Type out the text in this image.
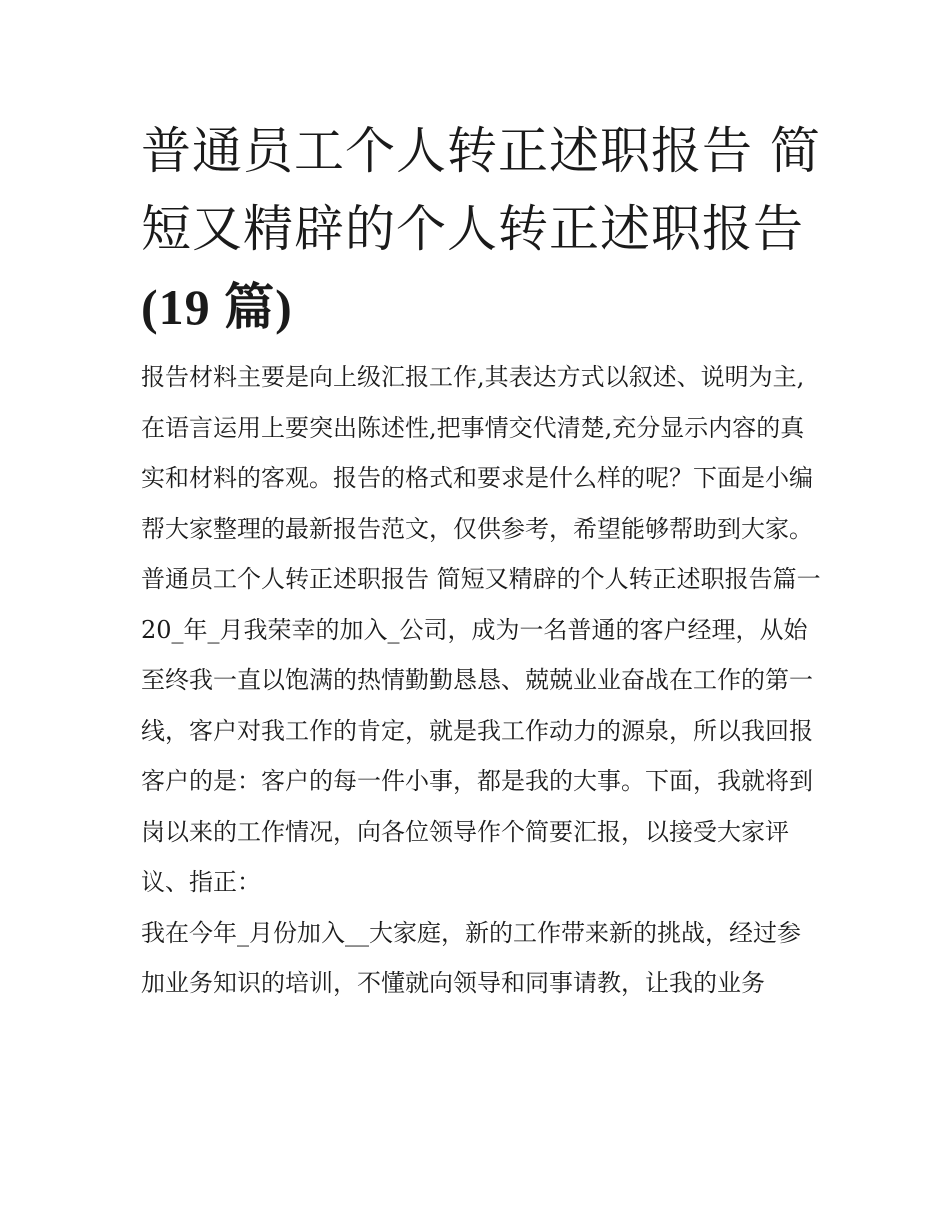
普通员工个人转正述职报告 简
短又精辟的个人转正述职报告
(19 篇)

报告材料主要是向上级汇报工作,其表达方式以叙述、说明为主,在语言运用上要突出陈述性,把事情交代清楚,充分显示内容的真实和材料的客观。报告的格式和要求是什么样的呢？下面是小编帮大家整理的最新报告范文，仅供参考，希望能够帮助到大家。

普通员工个人转正述职报告 简短又精辟的个人转正述职报告篇一

20_年_月我荣幸的加入_公司，成为一名普通的客户经理，从始至终我一直以饱满的热情勤勤恳恳、兢兢业业奋战在工作的第一线，客户对我工作的肯定，就是我工作动力的源泉，所以我回报客户的是：客户的每一件小事，都是我的大事。下面，我就将到岗以来的工作情况，向各位领导作个简要汇报，以接受大家评议、指正：

我在今年_月份加入__大家庭，新的工作带来新的挑战，经过参加业务知识的培训，不懂就向领导和同事请教，让我的业务
